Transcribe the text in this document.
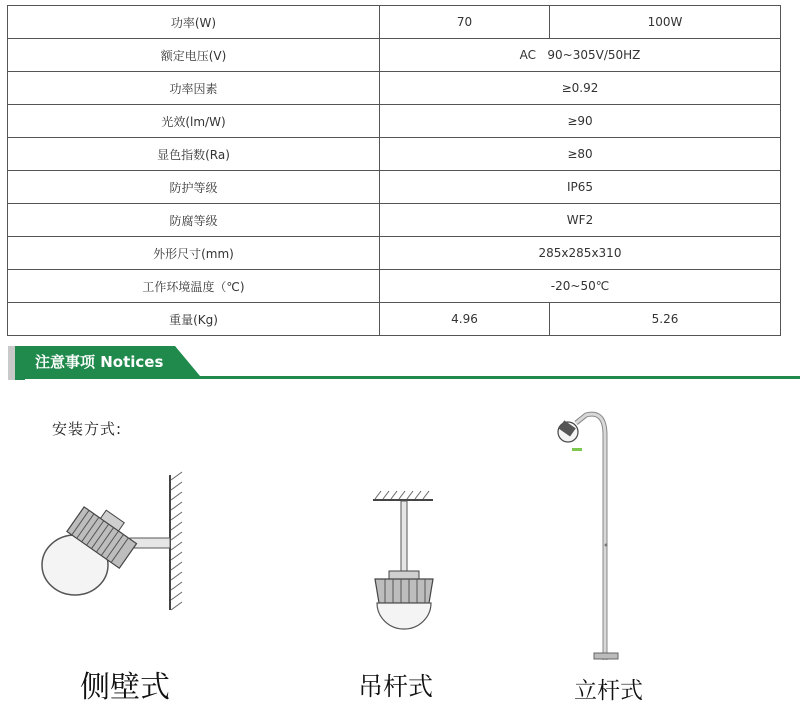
功率(W)	70	100W
额定电压(V)	AC   90~305V/50HZ	
功率因素	≥0.92	
光效(lm/W)	≥90	
显色指数(Ra)	≥80	
防护等级	IP65	
防腐等级	WF2	
外形尺寸(mm)	285x285x310	
工作环境温度（℃)	-20~50℃	
重量(Kg)	4.96	5.26
注意事项 Notices
安装方式:
侧壁式	吊杆式	立杆式
